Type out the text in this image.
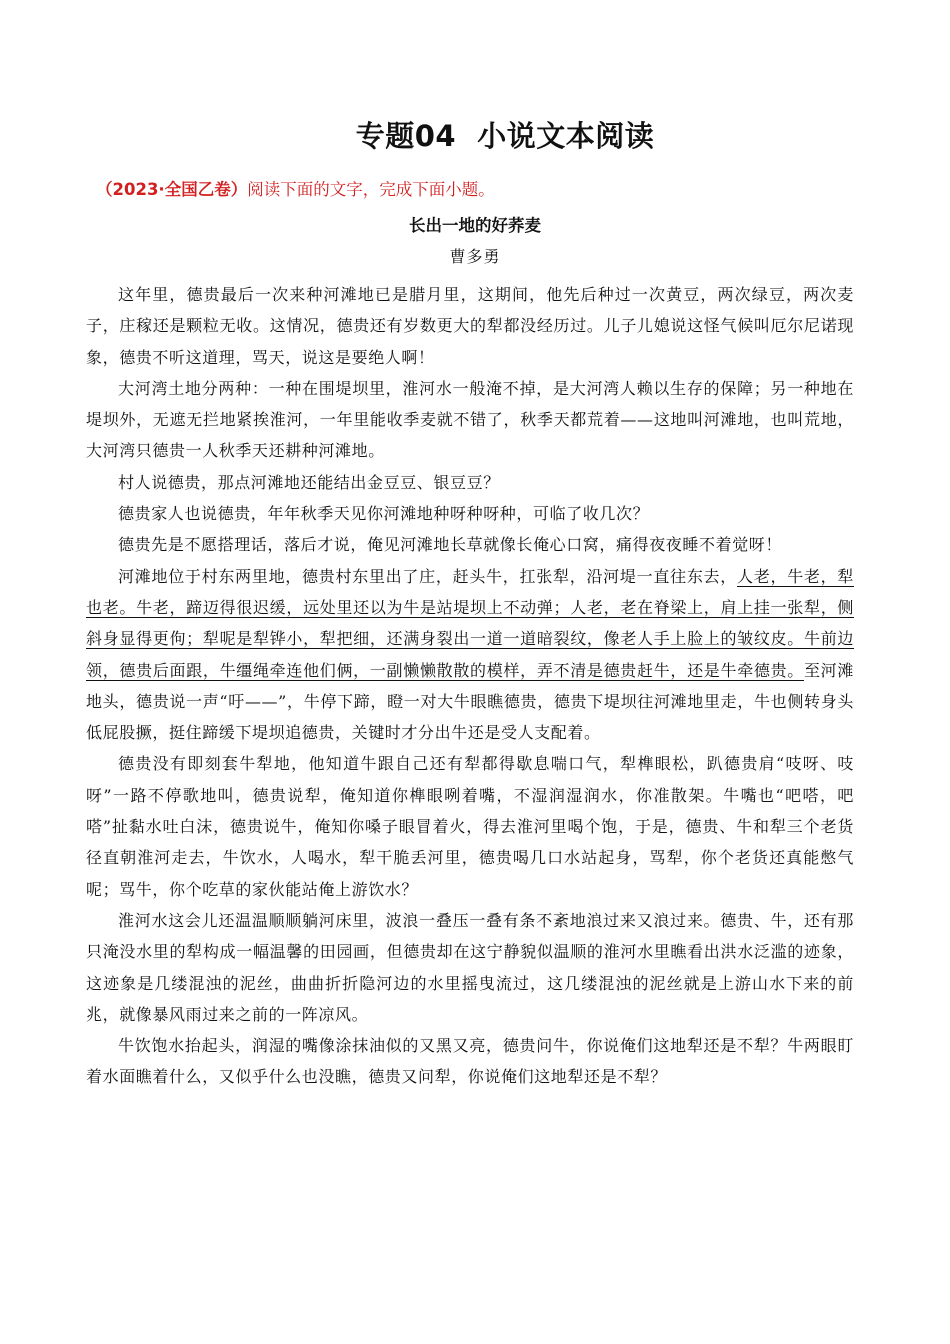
专题04  小说文本阅读
（2023·全国乙卷）阅读下面的文字，完成下面小题。
长出一地的好荞麦
曹多勇

这年里，德贵最后一次来种河滩地已是腊月里，这期间，他先后种过一次黄豆，两次绿豆，两次麦子，庄稼还是颗粒无收。这情况，德贵还有岁数更大的犁都没经历过。儿子儿媳说这怪气候叫厄尔尼诺现象，德贵不听这道理，骂天，说这是要绝人啊！

大河湾土地分两种：一种在围堤坝里，淮河水一般淹不掉，是大河湾人赖以生存的保障；另一种地在堤坝外，无遮无拦地紧挨淮河，一年里能收季麦就不错了，秋季天都荒着——这地叫河滩地，也叫荒地，大河湾只德贵一人秋季天还耕种河滩地。

村人说德贵，那点河滩地还能结出金豆豆、银豆豆？

德贵家人也说德贵，年年秋季天见你河滩地种呀种呀种，可临了收几次？

德贵先是不愿搭理话，落后才说，俺见河滩地长草就像长俺心口窝，痛得夜夜睡不着觉呀！

河滩地位于村东两里地，德贵村东里出了庄，赶头牛，扛张犁，沿河堤一直往东去，人老，牛老，犁也老。牛老，蹄迈得很迟缓，远处里还以为牛是站堤坝上不动弹；人老，老在脊梁上，肩上挂一张犁，侧斜身显得更佝；犁呢是犁铧小，犁把细，还满身裂出一道一道暗裂纹，像老人手上脸上的皱纹皮。牛前边领，德贵后面跟，牛缰绳牵连他们俩，一副懒懒散散的模样，弄不清是德贵赶牛，还是牛牵德贵。至河滩地头，德贵说一声“吁——”，牛停下蹄，瞪一对大牛眼瞧德贵，德贵下堤坝往河滩地里走，牛也侧转身头低屁股撅，挺住蹄缓下堤坝追德贵，关键时才分出牛还是受人支配着。

德贵没有即刻套牛犁地，他知道牛跟自己还有犁都得歇息喘口气，犁榫眼松，趴德贵肩“吱呀、吱呀”一路不停歌地叫，德贵说犁，俺知道你榫眼咧着嘴，不湿润湿润水，你准散架。牛嘴也“吧嗒，吧嗒”扯黏水吐白沫，德贵说牛，俺知你嗓子眼冒着火，得去淮河里喝个饱，于是，德贵、牛和犁三个老货径直朝淮河走去，牛饮水，人喝水，犁干脆丢河里，德贵喝几口水站起身，骂犁，你个老货还真能憋气呢；骂牛，你个吃草的家伙能站俺上游饮水？

淮河水这会儿还温温顺顺躺河床里，波浪一叠压一叠有条不紊地浪过来又浪过来。德贵、牛，还有那只淹没水里的犁构成一幅温馨的田园画，但德贵却在这宁静貌似温顺的淮河水里瞧看出洪水泛滥的迹象，这迹象是几缕混浊的泥丝，曲曲折折隐河边的水里摇曳流过，这几缕混浊的泥丝就是上游山水下来的前兆，就像暴风雨过来之前的一阵凉风。

牛饮饱水抬起头，润湿的嘴像涂抹油似的又黑又亮，德贵问牛，你说俺们这地犁还是不犁？牛两眼盯着水面瞧着什么，又似乎什么也没瞧，德贵又问犁，你说俺们这地犁还是不犁？
